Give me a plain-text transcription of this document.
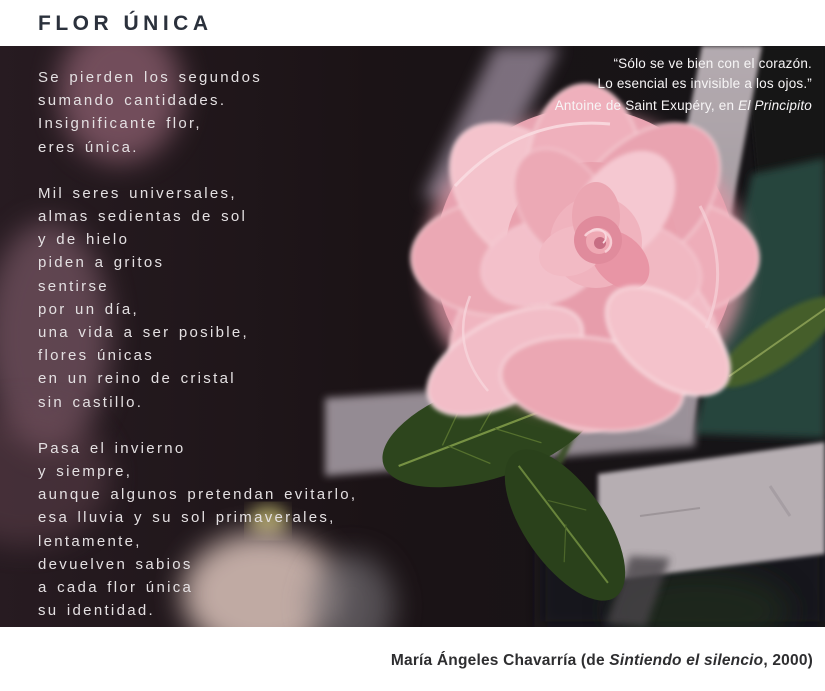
FLOR ÚNICA
Se pierden los segundos
sumando cantidades.
Insignificante flor,
eres única.
Mil seres universales,
almas sedientas de sol
y de hielo
piden a gritos
sentirse
por un día,
una vida a ser posible,
flores únicas
en un reino de cristal
sin castillo.
Pasa el invierno
y siempre,
aunque algunos pretendan evitarlo,
esa lluvia y su sol primaverales,
lentamente,
devuelven sabios
a cada flor única
su identidad.
“Sólo se ve bien con el corazón.
Lo esencial es invisible a los ojos.”
Antoine de Saint Exupéry, en El Principito
María Ángeles Chavarría (de Sintiendo el silencio, 2000)
